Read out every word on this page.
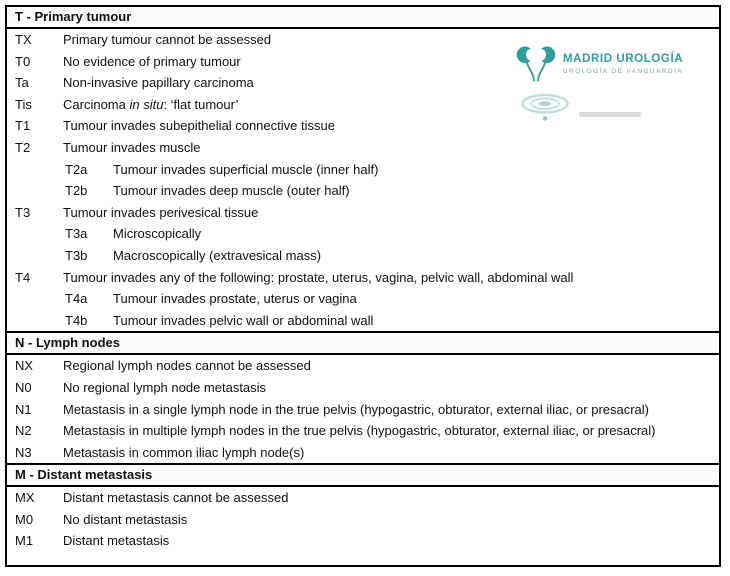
T - Primary tumour
TX	Primary tumour cannot be assessed
T0	No evidence of primary tumour
Ta	Non-invasive papillary carcinoma
Tis	Carcinoma in situ: ‘flat tumour’
T1	Tumour invades subepithelial connective tissue
T2	Tumour invades muscle
T2a	Tumour invades superficial muscle (inner half)
T2b	Tumour invades deep muscle (outer half)
T3	Tumour invades perivesical tissue
T3a	Microscopically
T3b	Macroscopically (extravesical mass)
T4	Tumour invades any of the following: prostate, uterus, vagina, pelvic wall, abdominal wall
T4a	Tumour invades prostate, uterus or vagina
T4b	Tumour invades pelvic wall or abdominal wall
N - Lymph nodes
NX	Regional lymph nodes cannot be assessed
N0	No regional lymph node metastasis
N1	Metastasis in a single lymph node in the true pelvis (hypogastric, obturator, external iliac, or presacral)
N2	Metastasis in multiple lymph nodes in the true pelvis (hypogastric, obturator, external iliac, or presacral)
N3	Metastasis in common iliac lymph node(s)
M - Distant metastasis
MX	Distant metastasis cannot be assessed
M0	No distant metastasis
M1	Distant metastasis
MADRID UROLOGÍA
UROLOGÍA DE VANGUARDIA
